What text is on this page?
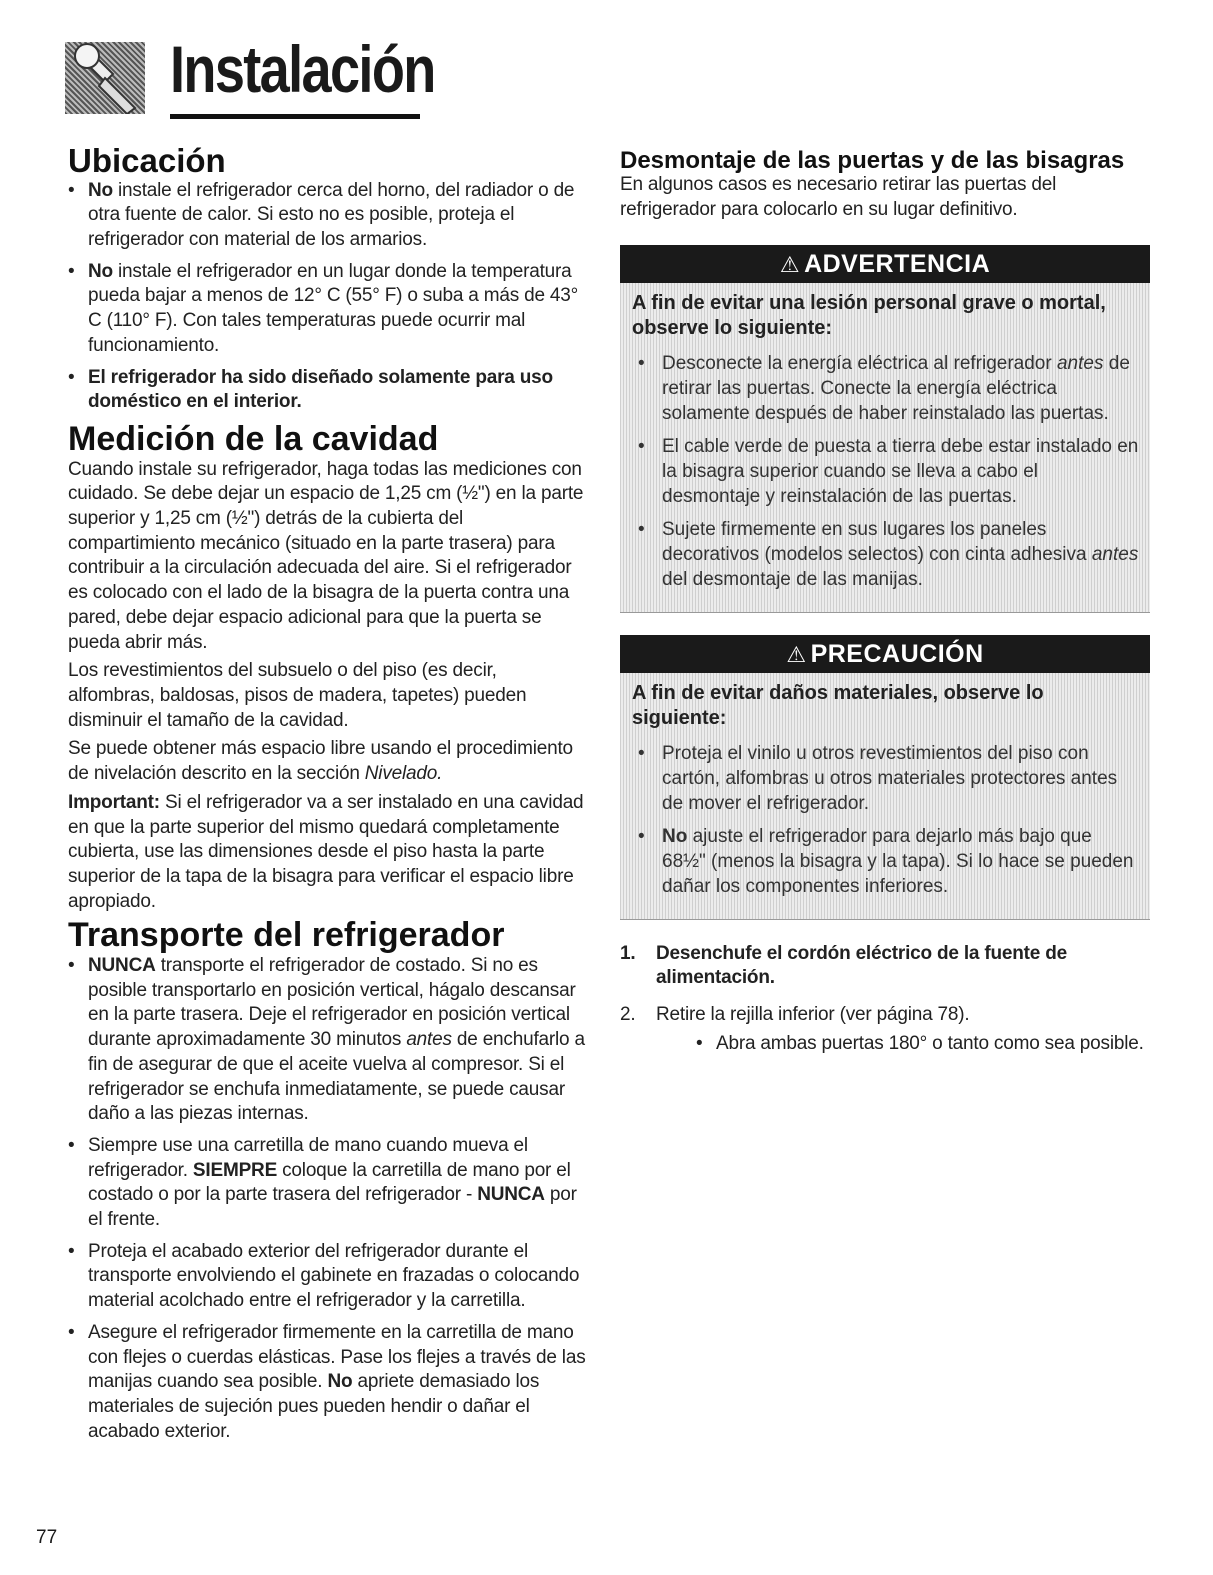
Instalación
Ubicación
• No instale el refrigerador cerca del horno, del radiador o de otra fuente de calor. Si esto no es posible, proteja el refrigerador con material de los armarios.
• No instale el refrigerador en un lugar donde la temperatura pueda bajar a menos de 12° C (55° F) o suba a más de 43° C (110° F). Con tales temperaturas puede ocurrir mal funcionamiento.
• El refrigerador ha sido diseñado solamente para uso doméstico en el interior.
Medición de la cavidad

Cuando instale su refrigerador, haga todas las mediciones con cuidado. Se debe dejar un espacio de 1,25 cm (½") en la parte superior y 1,25 cm (½") detrás de la cubierta del compartimiento mecánico (situado en la parte trasera) para contribuir a la circulación adecuada del aire. Si el refrigerador es colocado con el lado de la bisagra de la puerta contra una pared, debe dejar espacio adicional para que la puerta se pueda abrir más.

Los revestimientos del subsuelo o del piso (es decir, alfombras, baldosas, pisos de madera, tapetes) pueden disminuir el tamaño de la cavidad.

Se puede obtener más espacio libre usando el procedimiento de nivelación descrito en la sección Nivelado.

Important: Si el refrigerador va a ser instalado en una cavidad en que la parte superior del mismo quedará completamente cubierta, use las dimensiones desde el piso hasta la parte superior de la tapa de la bisagra para verificar el espacio libre apropiado.

Transporte del refrigerador
• NUNCA transporte el refrigerador de costado. Si no es posible transportarlo en posición vertical, hágalo descansar en la parte trasera. Deje el refrigerador en posición vertical durante aproximadamente 30 minutos antes de enchufarlo a fin de asegurar de que el aceite vuelva al compresor. Si el refrigerador se enchufa inmediatamente, se puede causar daño a las piezas internas.
• Siempre use una carretilla de mano cuando mueva el refrigerador. SIEMPRE coloque la carretilla de mano por el costado o por la parte trasera del refrigerador - NUNCA por el frente.
• Proteja el acabado exterior del refrigerador durante el transporte envolviendo el gabinete en frazadas o colocando material acolchado entre el refrigerador y la carretilla.
• Asegure el refrigerador firmemente en la carretilla de mano con flejes o cuerdas elásticas. Pase los flejes a través de las manijas cuando sea posible. No apriete demasiado los materiales de sujeción pues pueden hendir o dañar el acabado exterior.
Desmontaje de las puertas y de las bisagras

En algunos casos es necesario retirar las puertas del refrigerador para colocarlo en su lugar definitivo.

⚠ ADVERTENCIA
A fin de evitar una lesión personal grave o mortal, observe lo siguiente:
• Desconecte la energía eléctrica al refrigerador antes de retirar las puertas. Conecte la energía eléctrica solamente después de haber reinstalado las puertas.
• El cable verde de puesta a tierra debe estar instalado en la bisagra superior cuando se lleva a cabo el desmontaje y reinstalación de las puertas.
• Sujete firmemente en sus lugares los paneles decorativos (modelos selectos) con cinta adhesiva antes del desmontaje de las manijas.
⚠ PRECAUCIÓN
A fin de evitar daños materiales, observe lo siguiente:
• Proteja el vinilo u otros revestimientos del piso con cartón, alfombras u otros materiales protectores antes de mover el refrigerador.
• No ajuste el refrigerador para dejarlo más bajo que 68½" (menos la bisagra y la tapa). Si lo hace se pueden dañar los componentes inferiores.
1. Desenchufe el cordón eléctrico de la fuente de alimentación.
2. Retire la rejilla inferior (ver página 78).
• Abra ambas puertas 180° o tanto como sea posible.
77
